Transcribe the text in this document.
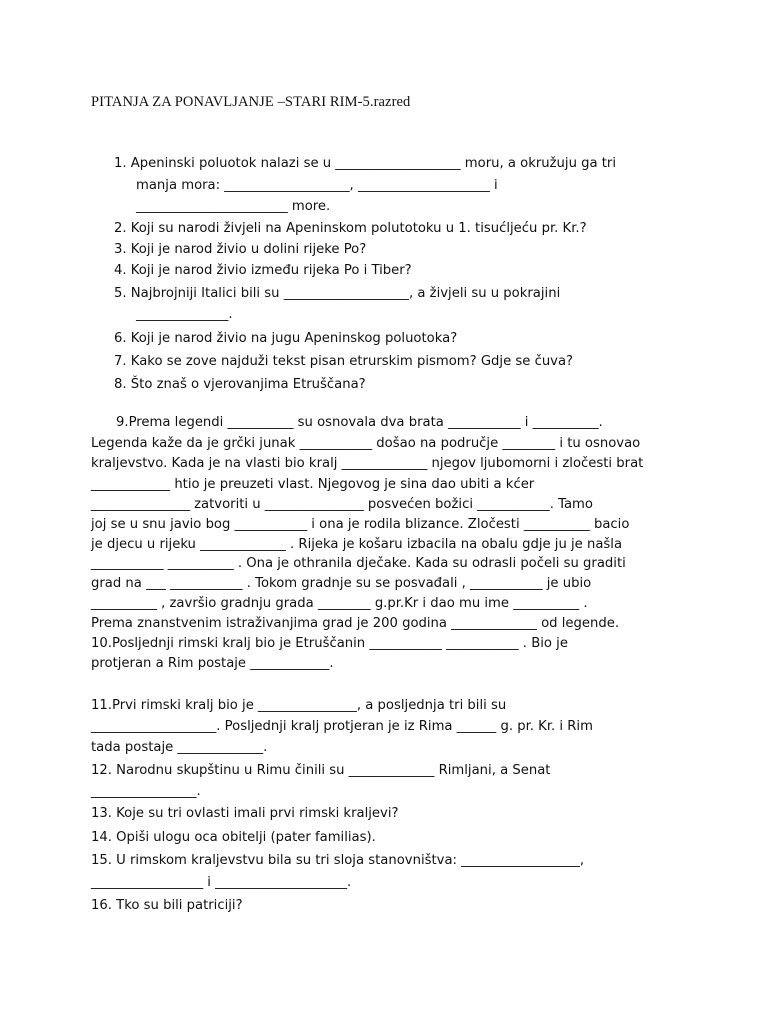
PITANJA ZA PONAVLJANJE –STARI RIM-5.razred
1. Apeninski poluotok nalazi se u ___________________ moru, a okružuju ga tri
manja mora: ___________________, ____________________ i
_______________________ more.
2. Koji su narodi živjeli na Apeninskom polutotoku u 1. tisućljeću pr. Kr.?
3. Koji je narod živio u dolini rijeke Po?
4. Koji je narod živio između rijeka Po i Tiber?
5. Najbrojniji Italici bili su ___________________, a živjeli su u pokrajini
______________.
6. Koji je narod živio na jugu Apeninskog poluotoka?
7. Kako se zove najduži tekst pisan etrurskim pismom? Gdje se čuva?
8. Što znaš o vjerovanjima Etruščana?
9.Prema legendi __________ su osnovala dva brata ___________ i __________.
Legenda kaže da je grčki junak ___________ došao na područje ________ i tu osnovao
kraljevstvo. Kada je na vlasti bio kralj _____________ njegov ljubomorni i zločesti brat
____________ htio je preuzeti vlast. Njegovog je sina dao ubiti a kćer
_______________ zatvoriti u _______________ posvećen božici ___________. Tamo
joj se u snu javio bog ___________ i ona je rodila blizance. Zločesti __________ bacio
je djecu u rijeku _____________ . Rijeka je košaru izbacila na obalu gdje ju je našla
___________ __________ . Ona je othranila dječake. Kada su odrasli počeli su graditi
grad na ___ ___________ . Tokom gradnje su se posvađali , ___________ je ubio
__________ , završio gradnju grada ________ g.pr.Kr i dao mu ime __________ .
Prema znanstvenim istraživanjima grad je 200 godina _____________ od legende.
10.Posljednji rimski kralj bio je Etruščanin ___________ ___________ . Bio je
protjeran a Rim postaje ____________.
11.Prvi rimski kralj bio je _______________, a posljednja tri bili su
___________________. Posljednji kralj protjeran je iz Rima ______ g. pr. Kr. i Rim
tada postaje _____________.
12. Narodnu skupštinu u Rimu činili su _____________ Rimljani, a Senat
________________.
13. Koje su tri ovlasti imali prvi rimski kraljevi?
14. Opiši ulogu oca obitelji (pater familias).
15. U rimskom kraljevstvu bila su tri sloja stanovništva: __________________,
_________________ i ____________________.
16. Tko su bili patriciji?
